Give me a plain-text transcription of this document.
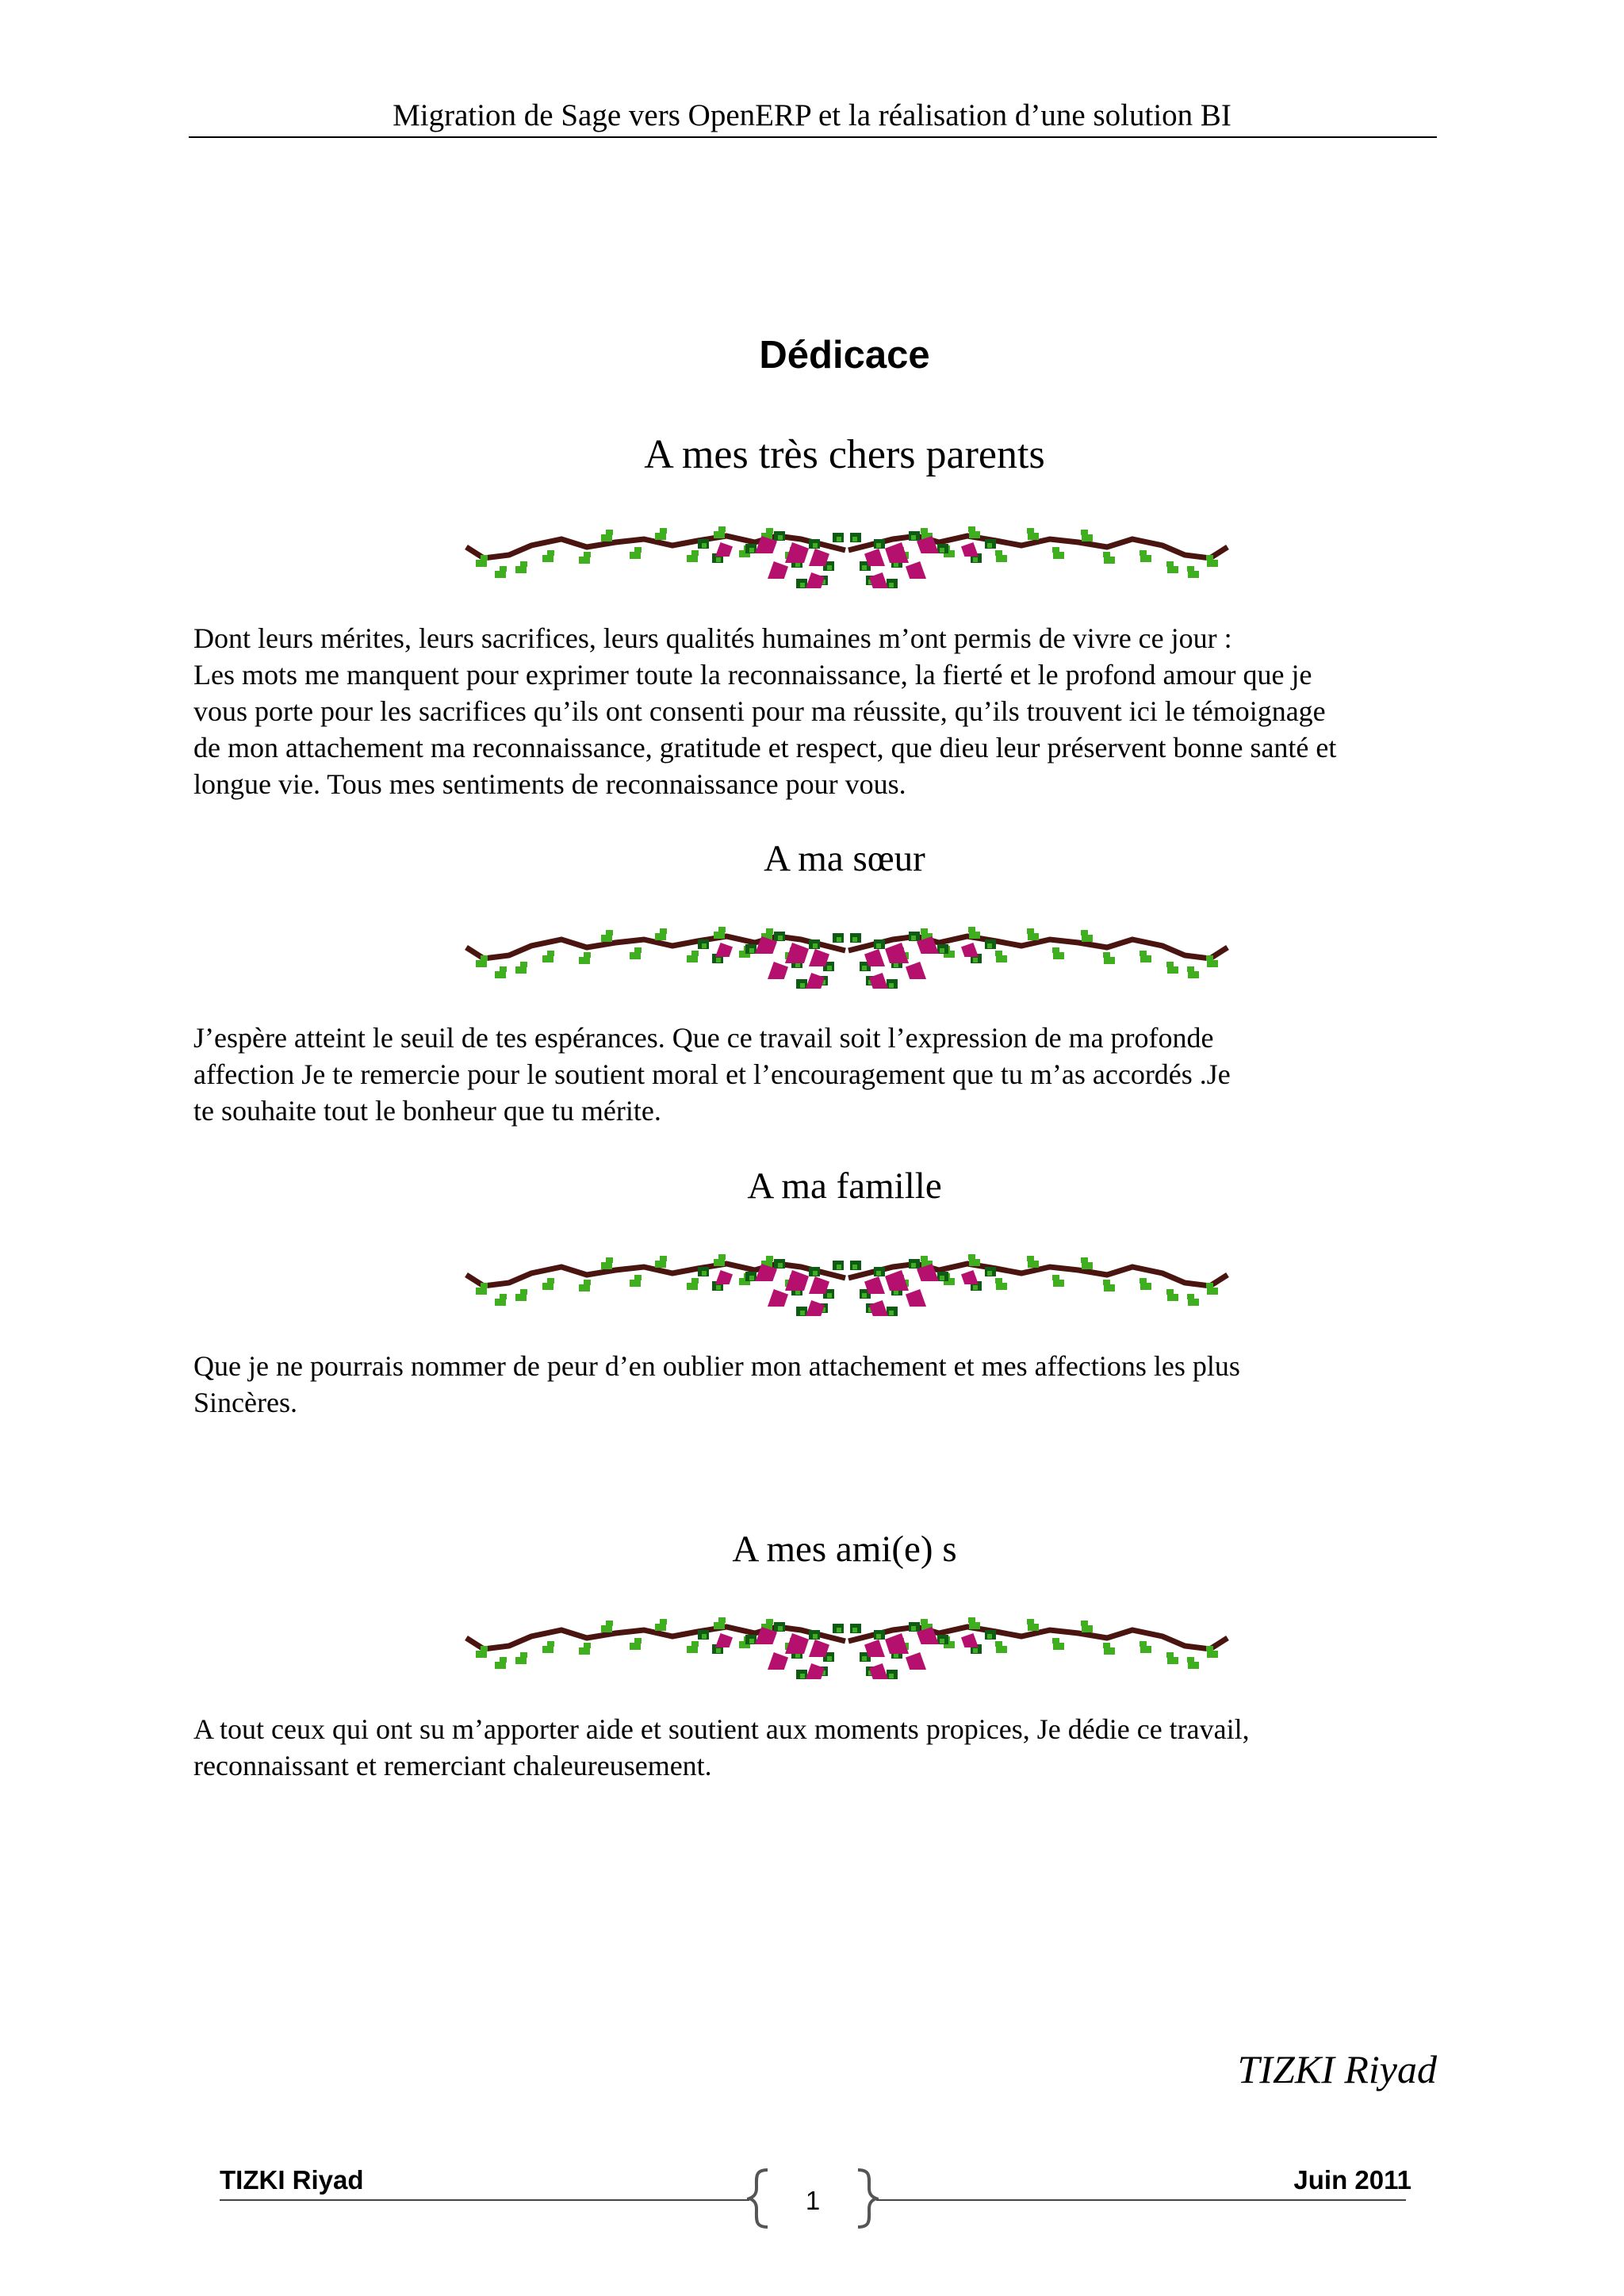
Migration de Sage vers OpenERP et la réalisation d’une solution BI
Dédicace
A mes très chers parents
Dont leurs mérites, leurs sacrifices, leurs qualités humaines m’ont permis de vivre ce jour :
Les mots me manquent pour exprimer toute la reconnaissance, la fierté et le profond amour que je
vous porte pour les sacrifices qu’ils ont consenti pour ma réussite, qu’ils trouvent ici le témoignage
de mon attachement ma reconnaissance, gratitude et respect, que dieu leur préservent bonne santé et
longue vie. Tous mes sentiments de reconnaissance pour vous.
A ma sœur
J’espère atteint le seuil de tes espérances. Que ce travail soit l’expression de ma profonde
affection Je te remercie pour le soutient moral et l’encouragement que tu m’as accordés .Je
te souhaite tout le bonheur que tu mérite.
A ma famille
Que je ne pourrais nommer de peur d’en oublier mon attachement et mes affections les plus
Sincères.
A mes ami(e) s
A tout ceux qui ont su m’apporter aide et soutient aux moments propices, Je dédie ce travail,
reconnaissant et remerciant chaleureusement.
TIZKI Riyad
TIZKI Riyad	Juin 2011
1
